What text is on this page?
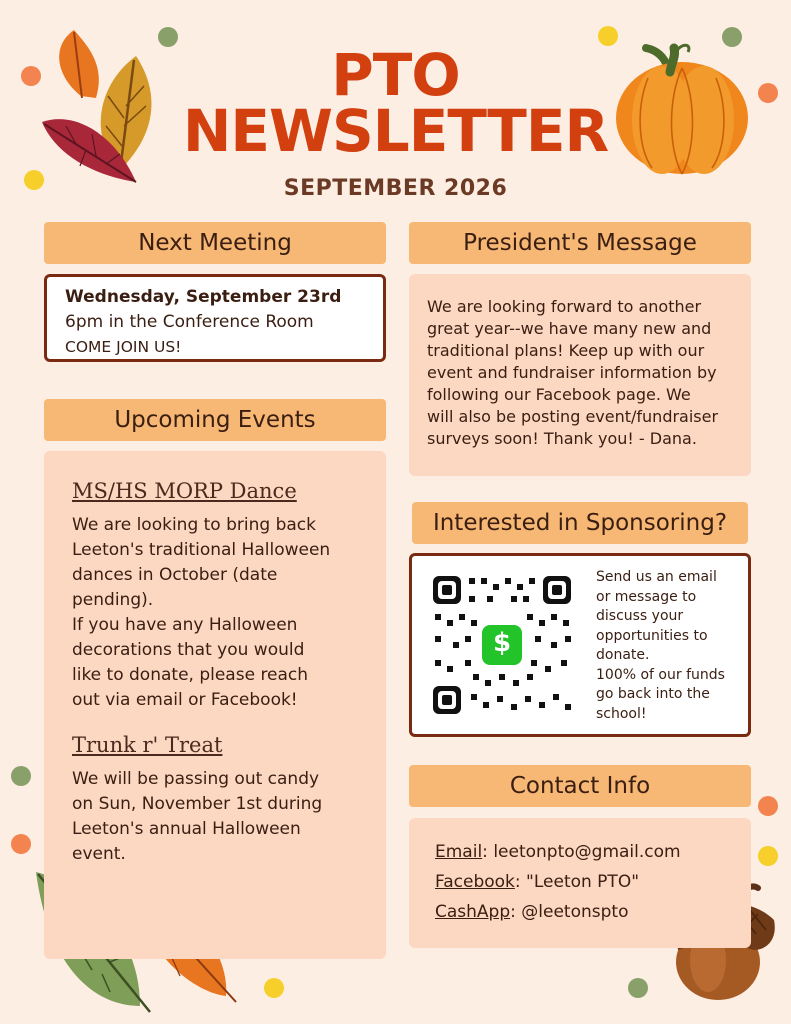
PTO
NEWSLETTER
SEPTEMBER 2026
Next Meeting
Wednesday, September 23rd
6pm in the Conference Room
COME JOIN US!
Upcoming Events
MS/HS MORP Dance
We are looking to bring back
Leeton's traditional Halloween
dances in October (date
pending).
If you have any Halloween
decorations that you would
like to donate, please reach
out via email or Facebook!
Trunk r' Treat
We will be passing out candy
on Sun, November 1st during
Leeton's annual Halloween
event.
President's Message
We are looking forward to another
great year--we have many new and
traditional plans! Keep up with our
event and fundraiser information by
following our Facebook page. We
will also be posting event/fundraiser
surveys soon! Thank you! - Dana.
Interested in Sponsoring?
$
Send us an email
or message to
discuss your
opportunities to
donate.
100% of our funds
go back into the
school!
Contact Info
Email: leetonpto@gmail.com
Facebook: "Leeton PTO"
CashApp: @leetonspto
